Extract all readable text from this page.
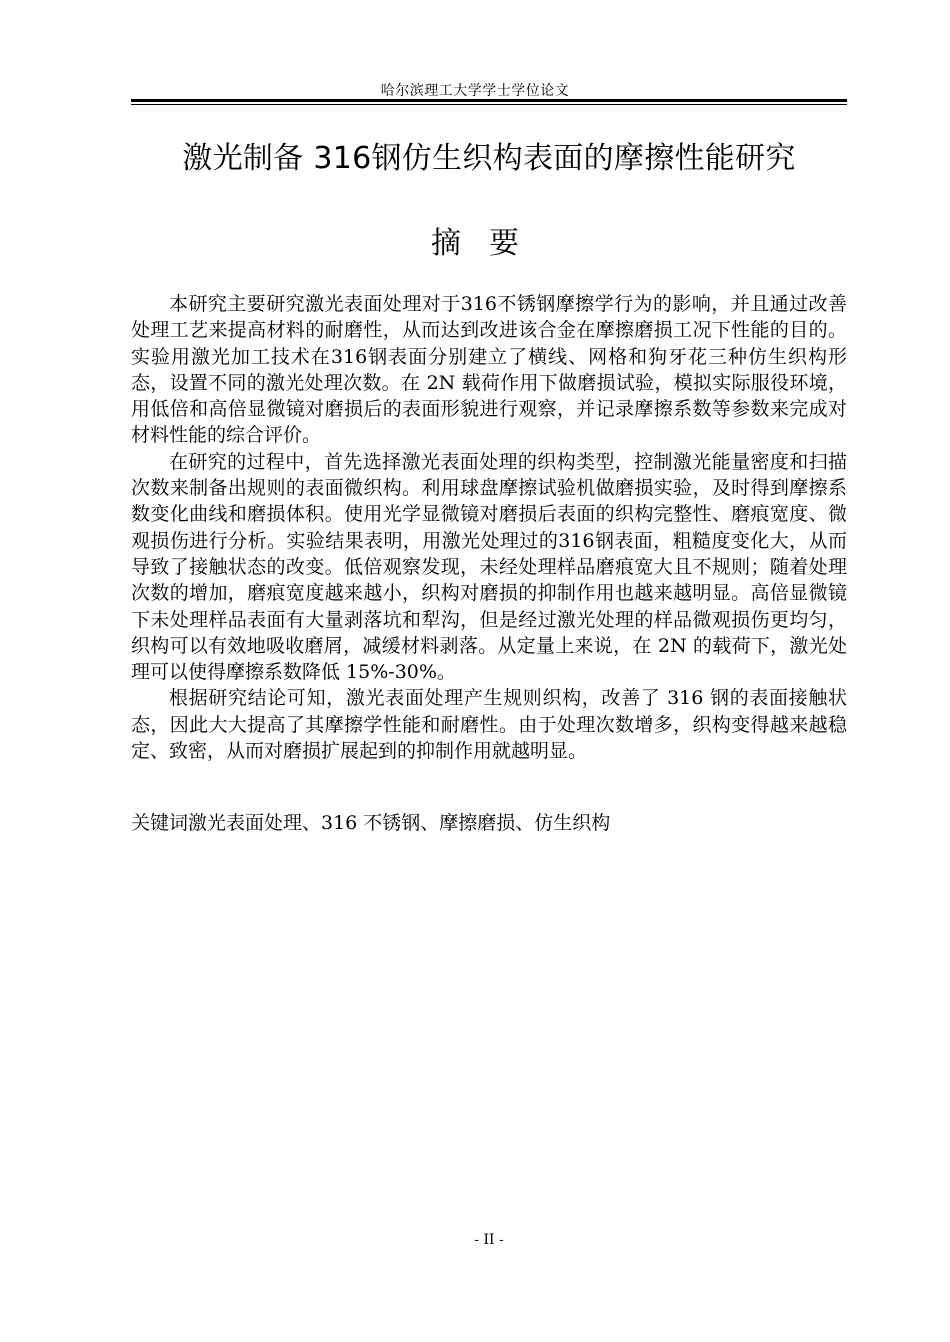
哈尔滨理工大学学士学位论文
激光制备 316钢仿生织构表面的摩擦性能研究
摘要

本研究主要研究激光表面处理对于316不锈钢摩擦学行为的影响，并且通过改善处理工艺来提高材料的耐磨性，从而达到改进该合金在摩擦磨损工况下性能的目的。实验用激光加工技术在316钢表面分别建立了横线、网格和狗牙花三种仿生织构形态，设置不同的激光处理次数。在 2N 载荷作用下做磨损试验，模拟实际服役环境，用低倍和高倍显微镜对磨损后的表面形貌进行观察，并记录摩擦系数等参数来完成对材料性能的综合评价。

在研究的过程中，首先选择激光表面处理的织构类型，控制激光能量密度和扫描次数来制备出规则的表面微织构。利用球盘摩擦试验机做磨损实验，及时得到摩擦系数变化曲线和磨损体积。使用光学显微镜对磨损后表面的织构完整性、磨痕宽度、微观损伤进行分析。实验结果表明，用激光处理过的316钢表面，粗糙度变化大，从而导致了接触状态的改变。低倍观察发现，未经处理样品磨痕宽大且不规则；随着处理次数的增加，磨痕宽度越来越小，织构对磨损的抑制作用也越来越明显。高倍显微镜下未处理样品表面有大量剥落坑和犁沟，但是经过激光处理的样品微观损伤更均匀，织构可以有效地吸收磨屑，减缓材料剥落。从定量上来说，在 2N 的载荷下，激光处理可以使得摩擦系数降低 15%-30%。

根据研究结论可知，激光表面处理产生规则织构，改善了 316 钢的表面接触状态，因此大大提高了其摩擦学性能和耐磨性。由于处理次数增多，织构变得越来越稳定、致密，从而对磨损扩展起到的抑制作用就越明显。

关键词激光表面处理、316 不锈钢、摩擦磨损、仿生织构
- II -
